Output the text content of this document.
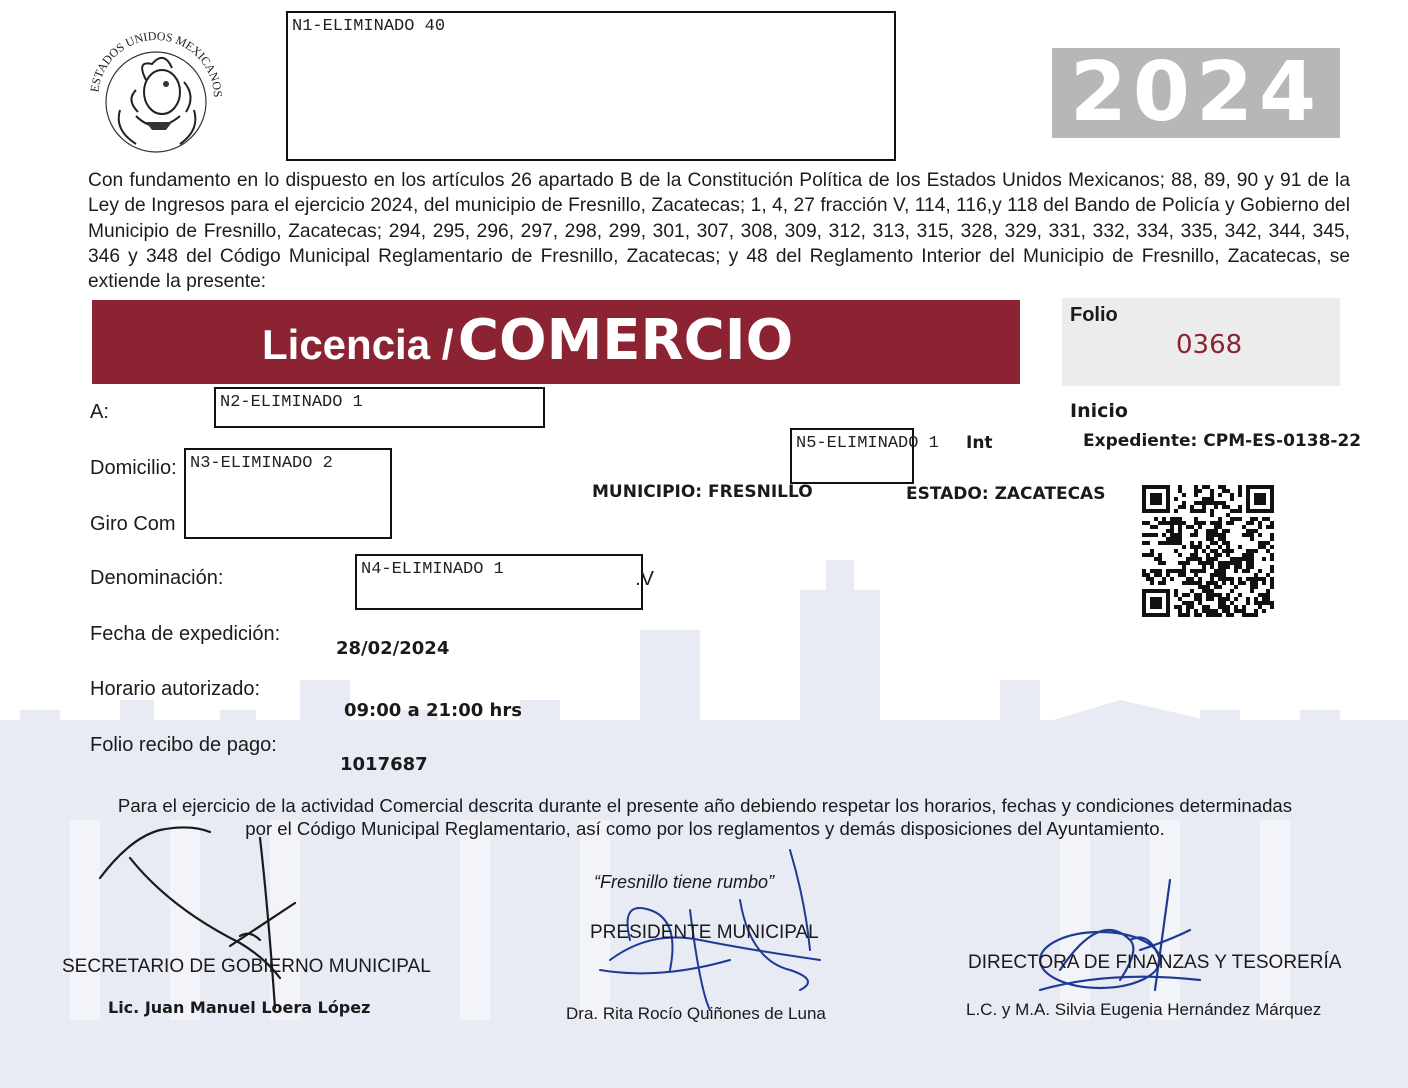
ESTADOS UNIDOS MEXICANOS
N1-ELIMINADO 40
2024
Con fundamento en lo dispuesto en los artículos 26 apartado B de la Constitución Política de los Estados Unidos Mexicanos; 88, 89, 90 y 91 de la Ley de Ingresos para el ejercicio 2024, del municipio de Fresnillo, Zacatecas; 1, 4, 27 fracción V, 114, 116,y 118 del Bando de Policía y Gobierno del Municipio de Fresnillo, Zacatecas; 294, 295, 296, 297, 298, 299, 301, 307, 308, 309, 312, 313, 315, 328, 329, 331, 332, 334, 335, 342, 344, 345, 346 y 348 del Código Municipal Reglamentario de Fresnillo, Zacatecas; y 48 del Reglamento Interior del Municipio de Fresnillo, Zacatecas, se extiende la presente:
Licencia / COMERCIO	Folio
0368
Inicio
Expediente: CPM-ES-0138-22
A:	N2-ELIMINADO 1
Domicilio: N3-ELIMINADO 2
N5-ELIMINADO 1 Int
MUNICIPIO: FRESNILLO	ESTADO: ZACATECAS
Giro Com
Denominación:	N4-ELIMINADO 1	V.
Fecha de expedición:
28/02/2024
Horario autorizado:
09:00 a 21:00 hrs
Folio recibo de pago:
1017687
Para el ejercicio de la actividad Comercial descrita durante el presente año debiendo respetar los horarios, fechas y condiciones determinadas
por el Código Municipal Reglamentario, así como por los reglamentos y demás disposiciones del Ayuntamiento.
SECRETARIO DE GOBIERNO MUNICIPAL
Lic. Juan Manuel Loera López
“Fresnillo tiene rumbo”
PRESIDENTE MUNICIPAL
Dra. Rita Rocío Quiñones de Luna
DIRECTORA DE FINANZAS Y TESORERÍA
L.C. y M.A. Silvia Eugenia Hernández Márquez
